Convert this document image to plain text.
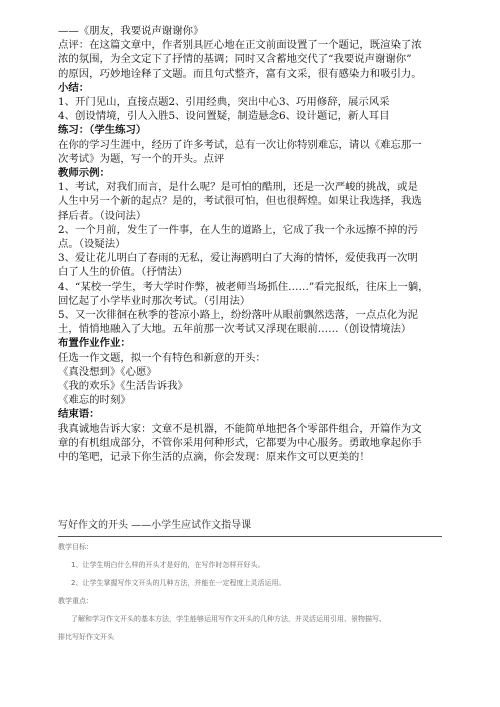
——《朋友，我要说声谢谢你》
点评：在这篇文章中，作者别具匠心地在正文前面设置了一个题记，既渲染了浓
浓的氛围，为全文定下了抒情的基调；同时又含蓄地交代了“我要说声谢谢你”
的原因，巧妙地诠释了文题。而且句式整齐，富有文采，很有感染力和吸引力。
小结：
1、开门见山，直接点题2、引用经典，突出中心3、巧用修辞，展示风采
4、创设情境，引人入胜5、设问置疑，制造悬念6、设计题记，新人耳目
练习：（学生练习）
在你的学习生涯中，经历了许多考试，总有一次让你特别难忘，请以《难忘那一
次考试》为题，写一个的开头。点评
教师示例：
1、考试，对我们而言，是什么呢？是可怕的酷刑，还是一次严峻的挑战，或是
人生中另一个新的起点？是的，考试很可怕，但也很辉煌。如果让我选择，我选
择后者。（设问法）
2、一个月前，发生了一件事，在人生的道路上，它成了我一个永远擦不掉的污
点。（设疑法）
3、爱让花儿明白了春雨的无私，爱让海鸥明白了大海的情怀，爱使我再一次明
白了人生的价值。（抒情法）
4、“某校一学生，考大学时作弊，被老师当场抓住……”看完报纸，往床上一躺，
回忆起了小学毕业时那次考试。（引用法）
5、又一次徘徊在秋季的苍凉小路上，纷纷落叶从眼前飘然迭落，一点点化为泥
土，悄悄地融入了大地。五年前那一次考试又浮现在眼前……（创设情境法）
布置作业作业：
任选一作文题，拟一个有特色和新意的开头：
《真没想到》《心愿》
《我的欢乐》《生活告诉我》
《难忘的时刻》
结束语：
我真诚地告诉大家：文章不是机器，不能简单地把各个零部件组合，开篇作为文
章的有机组成部分，不管你采用何种形式，它都要为中心服务。勇敢地拿起你手
中的笔吧，记录下你生活的点滴，你会发现：原来作文可以更美的！
写好作文的开头 ——小学生应试作文指导课
教学目标：
1、让学生明白什么样的开头才是好的，在写作时怎样开好头。
2、让学生掌握写作文开头的几种方法，并能在一定程度上灵活运用。
教学重点：
了解和学习作文开头的基本方法，学生能够运用写作文开头的几种方法，并灵活运用引用、景物描写、
排比写好作文开头
